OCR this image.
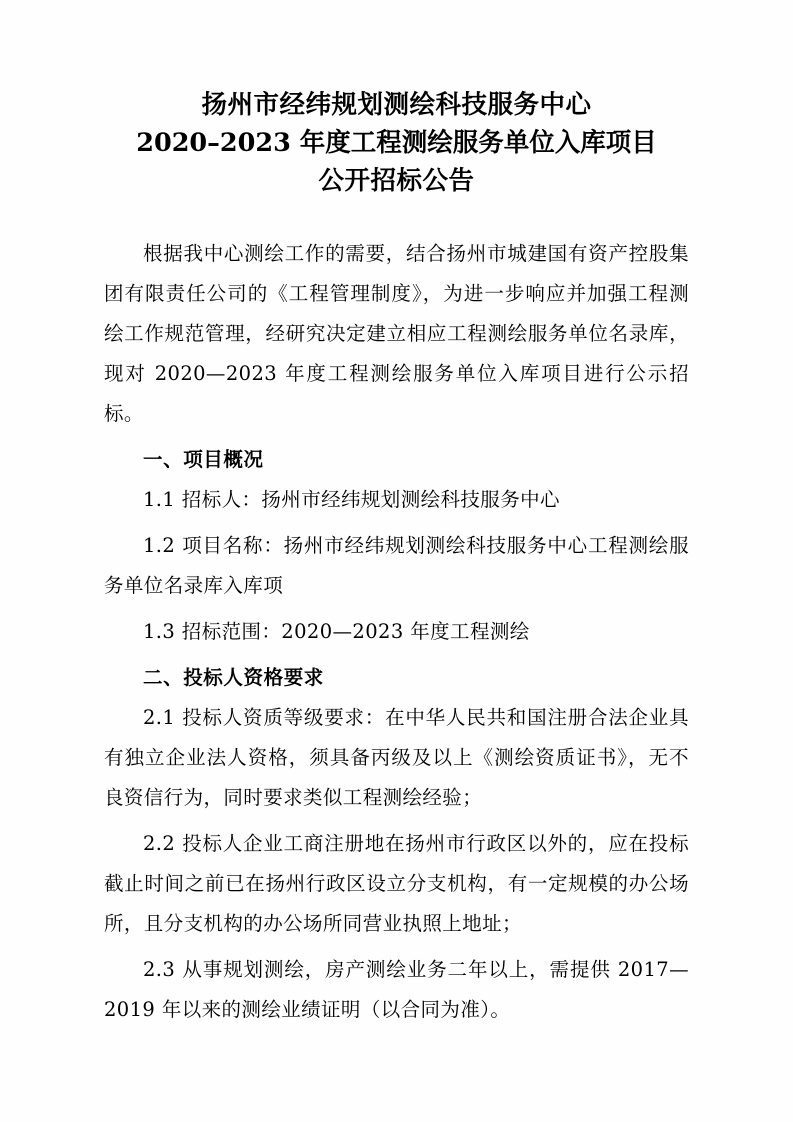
扬州市经纬规划测绘科技服务中心
2020–2023 年度工程测绘服务单位入库项目
公开招标公告

根据我中心测绘工作的需要，结合扬州市城建国有资产控股集团有限责任公司的《工程管理制度》，为进一步响应并加强工程测绘工作规范管理，经研究决定建立相应工程测绘服务单位名录库，现对 2020—2023 年度工程测绘服务单位入库项目进行公示招标。

一、项目概况

1.1 招标人：扬州市经纬规划测绘科技服务中心

1.2 项目名称：扬州市经纬规划测绘科技服务中心工程测绘服务单位名录库入库项

1.3 招标范围：2020—2023 年度工程测绘

二、投标人资格要求

2.1 投标人资质等级要求：在中华人民共和国注册合法企业具有独立企业法人资格，须具备丙级及以上《测绘资质证书》，无不良资信行为，同时要求类似工程测绘经验；

2.2 投标人企业工商注册地在扬州市行政区以外的，应在投标截止时间之前已在扬州行政区设立分支机构，有一定规模的办公场所，且分支机构的办公场所同营业执照上地址；

2.3 从事规划测绘，房产测绘业务二年以上，需提供 2017—2019 年以来的测绘业绩证明（以合同为准）。
